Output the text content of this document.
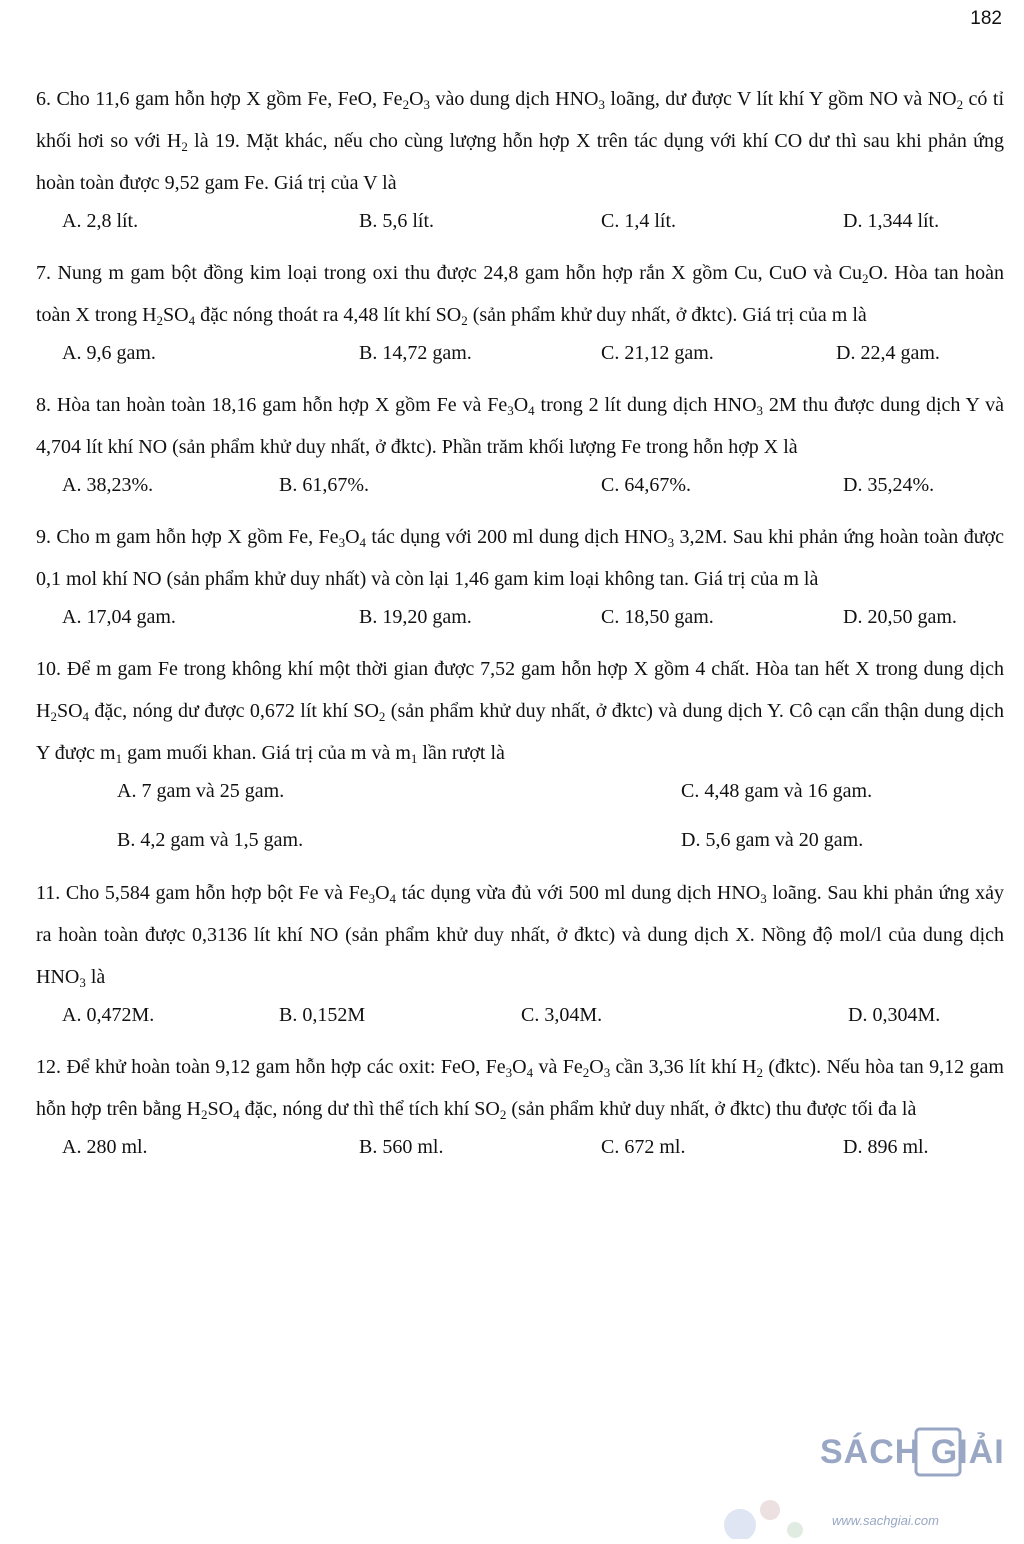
182

6. Cho 11,6 gam hỗn hợp X gồm Fe, FeO, $Fe_2O_3$ vào dung dịch $HNO_3$ loãng, dư được V lít khí Y gồm NO và $NO_2$ có tỉ khối hơi so với $H_2$ là 19. Mặt khác, nếu cho cùng lượng hỗn hợp X trên tác dụng với khí CO dư thì sau khi phản ứng hoàn toàn được 9,52 gam Fe. Giá trị của V là

A. 2,8 lít.	B. 5,6 lít.	C. 1,4 lít.	D. 1,344 lít.

7. Nung m gam bột đồng kim loại trong oxi thu được 24,8 gam hỗn hợp rắn X gồm Cu, CuO và $Cu_2O$. Hòa tan hoàn toàn X trong $H_2SO_4$ đặc nóng thoát ra 4,48 lít khí $SO_2$ (sản phẩm khử duy nhất, ở đktc). Giá trị của m là

A. 9,6 gam.	B. 14,72 gam.	C. 21,12 gam.	D. 22,4 gam.

8. Hòa tan hoàn toàn 18,16 gam hỗn hợp X gồm Fe và $Fe_3O_4$ trong 2 lít dung dịch $HNO_3$ 2M thu được dung dịch Y và 4,704 lít khí NO (sản phẩm khử duy nhất, ở đktc). Phần trăm khối lượng Fe trong hỗn hợp X là

A. 38,23%.	B. 61,67%.	C. 64,67%.	D. 35,24%.

9. Cho m gam hỗn hợp X gồm Fe, $Fe_3O_4$ tác dụng với 200 ml dung dịch $HNO_3$ 3,2M. Sau khi phản ứng hoàn toàn được 0,1 mol khí NO (sản phẩm khử duy nhất) và còn lại 1,46 gam kim loại không tan. Giá trị của m là

A. 17,04 gam.	B. 19,20 gam.	C. 18,50 gam.	D. 20,50 gam.

10. Để m gam Fe trong không khí một thời gian được 7,52 gam hỗn hợp X gồm 4 chất. Hòa tan hết X trong dung dịch $H_2SO_4$ đặc, nóng dư được 0,672 lít khí $SO_2$ (sản phẩm khử duy nhất, ở đktc) và dung dịch Y. Cô cạn cẩn thận dung dịch Y được $m_1$ gam muối khan. Giá trị của m và $m_1$ lần rượt là

A. 7 gam và 25 gam.	C. 4,48 gam và 16 gam.
B. 4,2 gam và 1,5 gam.	D. 5,6 gam và 20 gam.

11. Cho 5,584 gam hỗn hợp bột Fe và $Fe_3O_4$ tác dụng vừa đủ với 500 ml dung dịch $HNO_3$ loãng. Sau khi phản ứng xảy ra hoàn toàn được 0,3136 lít khí NO (sản phẩm khử duy nhất, ở đktc) và dung dịch X. Nồng độ mol/l của dung dịch $HNO_3$ là

A. 0,472M.	B. 0,152M	C. 3,04M.	D. 0,304M.

12. Để khử hoàn toàn 9,12 gam hỗn hợp các oxit: FeO, $Fe_3O_4$ và $Fe_2O_3$ cần 3,36 lít khí $H_2$ (đktc). Nếu hòa tan 9,12 gam hỗn hợp trên bằng $H_2SO_4$ đặc, nóng dư thì thể tích khí $SO_2$ (sản phẩm khử duy nhất, ở đktc) thu được tối đa là

A. 280 ml.	B. 560 ml.	C. 672 ml.	D. 896 ml.
SÁCH GIẢI
www.sachgiai.com
